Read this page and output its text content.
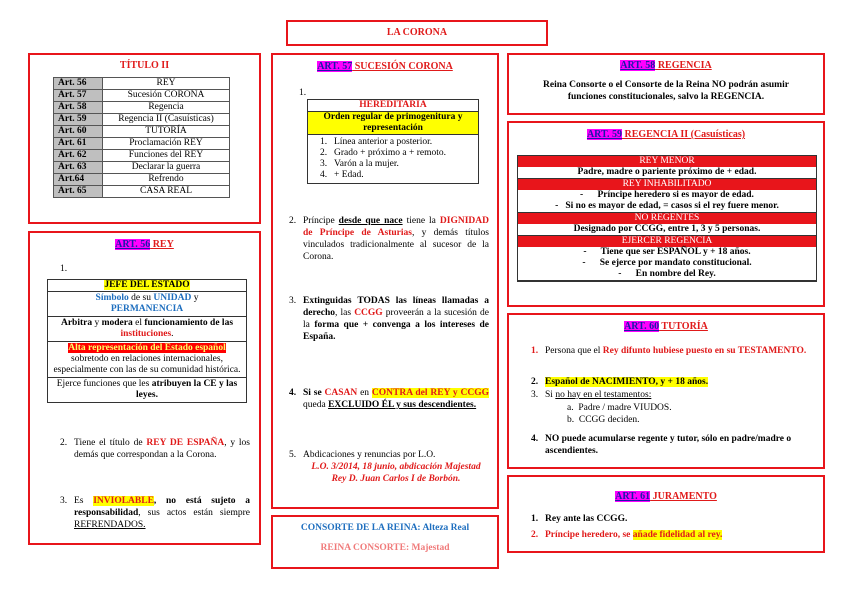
LA CORONA
TÍTULO II
Art. 56	REY
Art. 57	Sucesión CORONA
Art. 58	Regencia
Art. 59	Regencia II (Casuísticas)
Art. 60	TUTORÍA
Art. 61	Proclamación REY
Art. 62	Funciones del REY
Art. 63	Declarar la guerra
Art.64	Refrendo
Art. 65	CASA REAL
ART. 56 REY
1.
JEFE DEL ESTADO
Símbolo de su UNIDAD y
PERMANENCIA
Arbitra y modera el funcionamiento de las instituciones.
Alta representación del Estado español
sobretodo en relaciones internacionales, especialmente con las de su comunidad histórica.
Ejerce funciones que les atribuyen la CE y las leyes.
2. Tiene el título de REY DE ESPAÑA, y los demás que correspondan a la Corona.
3. Es INVIOLABLE, no está sujeto a responsabilidad, sus actos están siempre REFRENDADOS.
ART. 57 SUCESIÓN CORONA
1.
HEREDITARIA
Orden regular de primogenitura y representación
1. Línea anterior a posterior.
2. Grado + próximo a + remoto.
3. Varón a la mujer.
4. + Edad.
2. Príncipe desde que nace tiene la DIGNIDAD de Príncipe de Asturias, y demás títulos vinculados tradicionalmente al sucesor de la Corona.
3. Extinguidas TODAS las líneas llamadas a derecho, las CCGG proveerán a la sucesión de la forma que + convenga a los intereses de España.
4. Si se CASAN en CONTRA del REY y CCGG queda EXCLUIDO ÉL y sus descendientes.
5. Abdicaciones y renuncias por L.O.
L.O. 3/2014, 18 junio, abdicación Majestad Rey D. Juan Carlos I de Borbón.
CONSORTE DE LA REINA: Alteza Real
REINA CONSORTE: Majestad
ART. 58 REGENCIA
Reina Consorte o el Consorte de la Reina NO podrán asumir funciones constitucionales, salvo la REGENCIA.
ART. 59 REGENCIA II (Casuísticas)
REY MENOR
Padre, madre o pariente próximo de + edad.
REY INHABILITADO
-      Príncipe heredero si es mayor de edad.
-   Si no es mayor de edad, = casos si el rey fuere menor.
NO REGENTES
Designado por CCGG, entre 1, 3 y 5 personas.
EJERCER REGENCIA
-      Tiene que ser ESPAÑOL y + 18 años.
-      Se ejerce por mandato constitucional.
-      En nombre del Rey.
ART. 60 TUTORÍA
1. Persona que el Rey difunto hubiese puesto en su TESTAMENTO.
2. Español de NACIMIENTO, y + 18 años.
3. Si no hay en el testamentos:
a. Padre / madre VIUDOS.
b. CCGG deciden.
4. NO puede acumularse regente y tutor, sólo en padre/madre o ascendientes.
ART. 61 JURAMENTO
1. Rey ante las CCGG.
2. Príncipe heredero, se añade fidelidad al rey.
